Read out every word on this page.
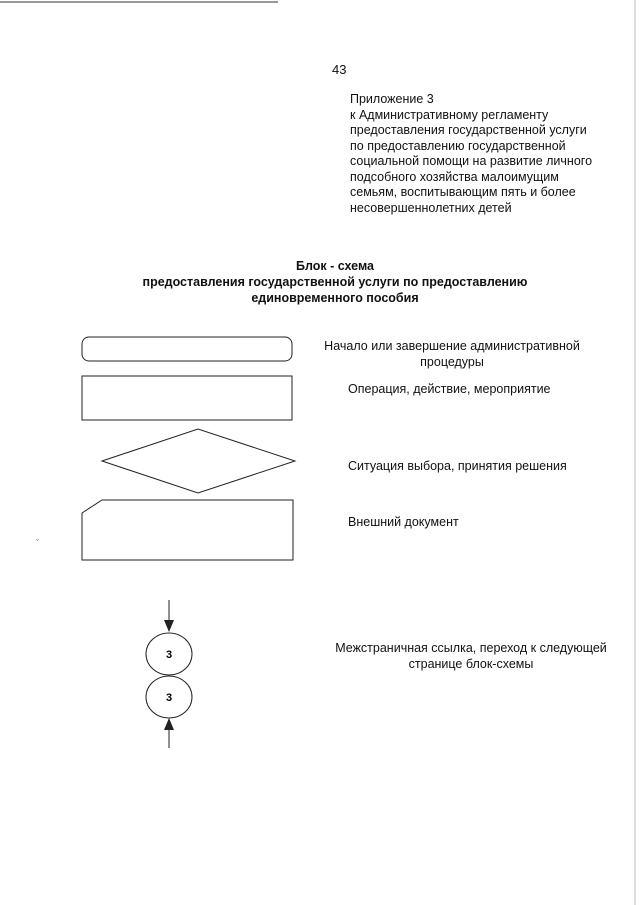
43
Приложение 3
к Административному регламенту
предоставления государственной услуги
по предоставлению государственной
социальной помощи на развитие личного
подсобного хозяйства малоимущим
семьям, воспитывающим пять и более
несовершеннолетних детей
Блок - схема
предоставления государственной услуги по предоставлению
единовременного пособия
3
3
Начало или завершение административной
процедуры
Операция, действие, мероприятие
Ситуация выбора, принятия решения
Внешний документ
Межстраничная ссылка, переход к следующей
странице блок-схемы
ˇ
